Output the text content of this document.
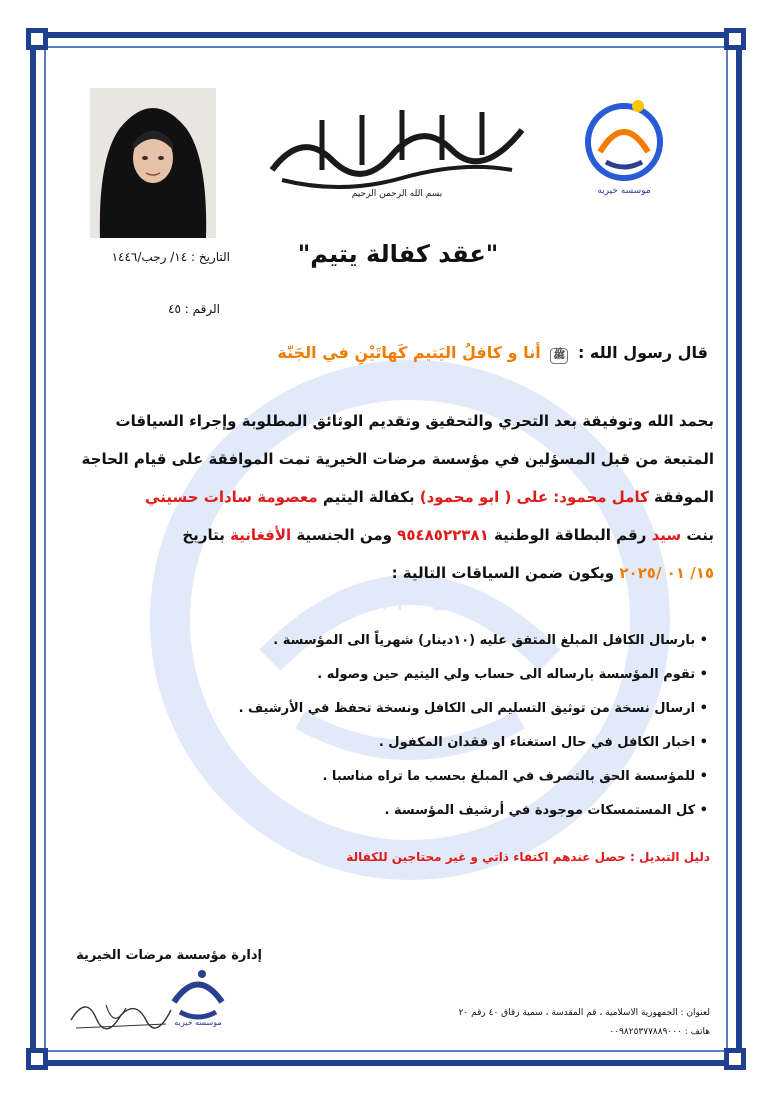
۱۴۴۰ هـ
بسم الله الرحمن الرحيم	موسسه خیریه
"عقد كفالة يتيم"
التاريخ : ١٤/ رجب/١٤٤٦
الرقم : ٤٥
قال رسول الله : ﷺ أنا و كافلُ اليَتيم كَهاتَيْنِ في الجَنّة
بحمد الله وتوفيقة بعد التحري والتحقيق وتقديم الوثائق المطلوبة وإجراء السياقات
المتبعة من قبل المسؤلين في مؤسسة مرضات الخيرية تمت الموافقة على قيام الحاجة
الموفقة كامل محمود: على ( ابو محمود) بكفالة اليتيم معصومة سادات حسيني
بنت سيد رقم البطاقة الوطنية ٩٥٤٨٥٢٢٣٨١ ومن الجنسية الأفغانية بتاريخ
١٥/ ٠١ /٢٠٢٥ ويكون ضمن السياقات التالية :
• بارسال الكافل المبلغ المتفق عليه (١٠دينار) شهرياً الى المؤسسة .
• تقوم المؤسسة بارساله الى حساب ولي اليتيم حين وصوله .
• ارسال نسخة من توثيق التسليم الى الكافل ونسخة تحفظ في الأرشيف .
• اخبار الكافل في حال استغناء او فقدان المكفول .
• للمؤسسة الحق بالتصرف في المبلغ بحسب ما تراه مناسبا .
• كل المستمسكات موجودة في أرشيف المؤسسة .
دليل التبديل : حصل عندهم اكتفاء ذاتي و غير محتاجين للكفالة
إدارة مؤسسة مرضات الخيرية
موسسه خیریه
لعنوان : الجمهورية الاسلامية ، قم المقدسة ، سمية زقاق ٤٠ رقم ٢٠
هاتف : ٠٠٩٨٢٥٣٧٧٨٨٩٠٠٠
